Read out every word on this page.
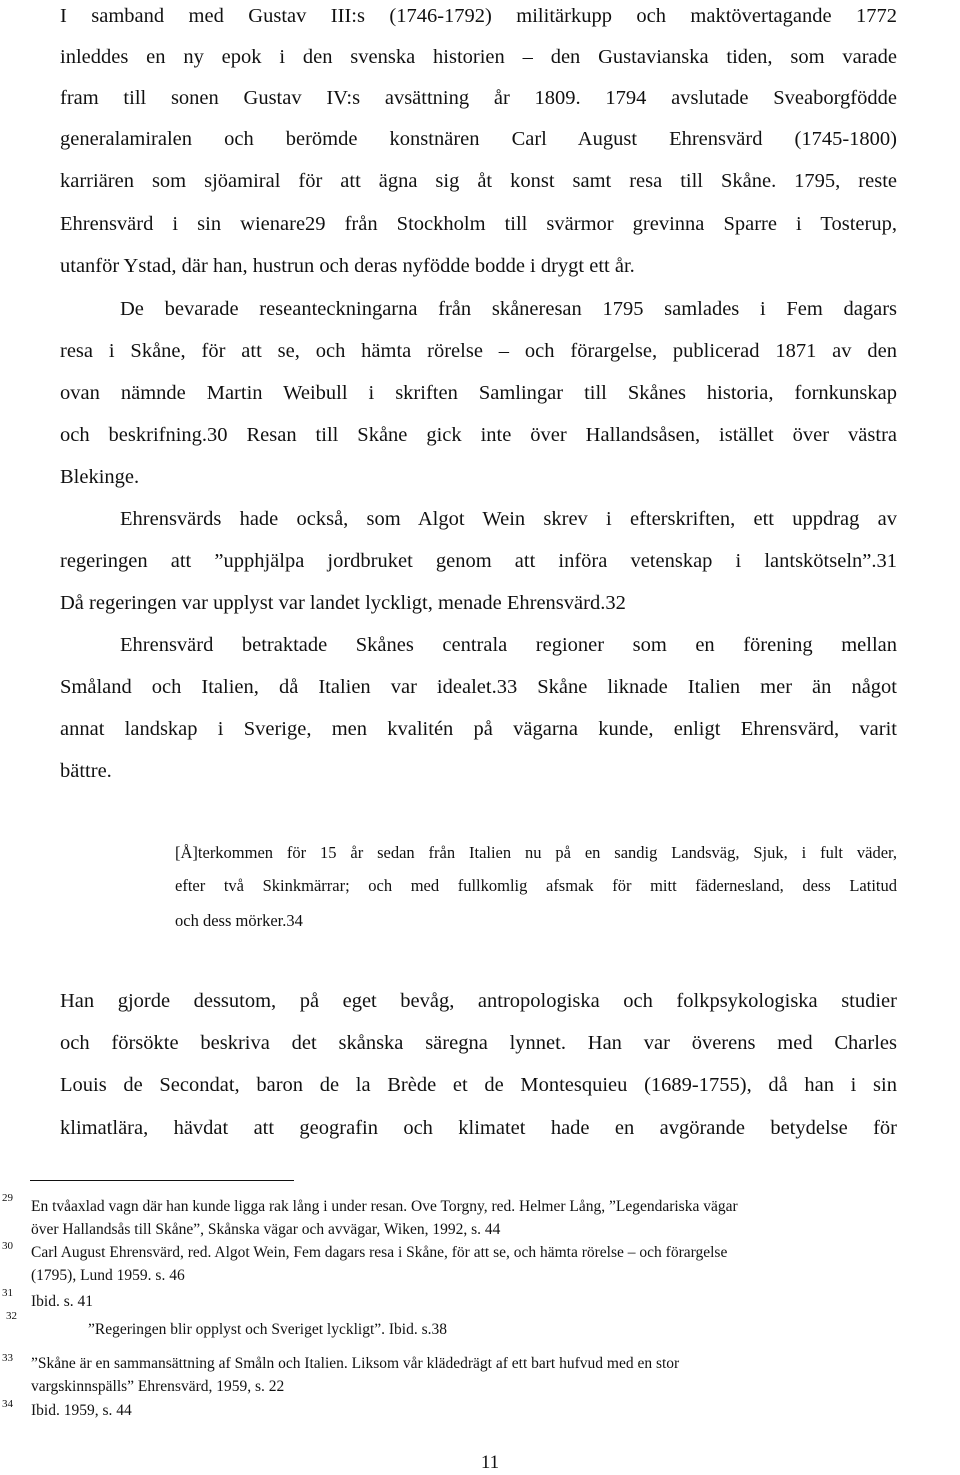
I samband med Gustav III:s (1746-1792) militärkupp och maktövertagande 1772
inleddes en ny epok i den svenska historien – den Gustavianska tiden, som varade
fram till sonen Gustav IV:s avsättning år 1809. 1794 avslutade Sveaborgfödde
generalamiralen och berömde konstnären Carl August Ehrensvärd (1745-1800)
karriären som sjöamiral för att ägna sig åt konst samt resa till Skåne. 1795, reste
Ehrensvärd i sin wienare29 från Stockholm till svärmor grevinna Sparre i Tosterup,
utanför Ystad, där han, hustrun och deras nyfödde bodde i drygt ett år.
De bevarade reseanteckningarna från skåneresan 1795 samlades i Fem dagars
resa i Skåne, för att se, och hämta rörelse – och förargelse, publicerad 1871 av den
ovan nämnde Martin Weibull i skriften Samlingar till Skånes historia, fornkunskap
och beskrifning.30 Resan till Skåne gick inte över Hallandsåsen, istället över västra
Blekinge.
Ehrensvärds hade också, som Algot Wein skrev i efterskriften, ett uppdrag av
regeringen att ”upphjälpa jordbruket genom att införa vetenskap i lantskötseln”.31
Då regeringen var upplyst var landet lyckligt, menade Ehrensvärd.32
Ehrensvärd betraktade Skånes centrala regioner som en förening mellan
Småland och Italien, då Italien var idealet.33 Skåne liknade Italien mer än något
annat landskap i Sverige, men kvalitén på vägarna kunde, enligt Ehrensvärd, varit
bättre.
[Å]terkommen för 15 år sedan från Italien nu på en sandig Landsväg, Sjuk, i fult väder,
efter två Skinkmärrar; och med fullkomlig afsmak för mitt fädernesland, dess Latitud
och dess mörker.34
Han gjorde dessutom, på eget bevåg, antropologiska och folkpsykologiska studier
och försökte beskriva det skånska säregna lynnet. Han var överens med Charles
Louis de Secondat, baron de la Brède et de Montesquieu (1689-1755), då han i sin
klimatlära, hävdat att geografin och klimatet hade en avgörande betydelse för
29 En tvåaxlad vagn där han kunde ligga rak lång i under resan. Ove Torgny, red. Helmer Lång, ”Legendariska vägar
över Hallandsås till Skåne”, Skånska vägar och avvägar, Wiken, 1992, s. 44
30 Carl August Ehrensvärd, red. Algot Wein, Fem dagars resa i Skåne, för att se, och hämta rörelse – och förargelse
(1795), Lund 1959. s. 46
31 Ibid. s. 41
32
”Regeringen blir opplyst och Sveriget lyckligt”. Ibid. s.38
33 ”Skåne är en sammansättning af Småln och Italien. Liksom vår klädedrägt af ett bart hufvud med en stor
vargskinnspälls” Ehrensvärd, 1959, s. 22
34 Ibid. 1959, s. 44
11
